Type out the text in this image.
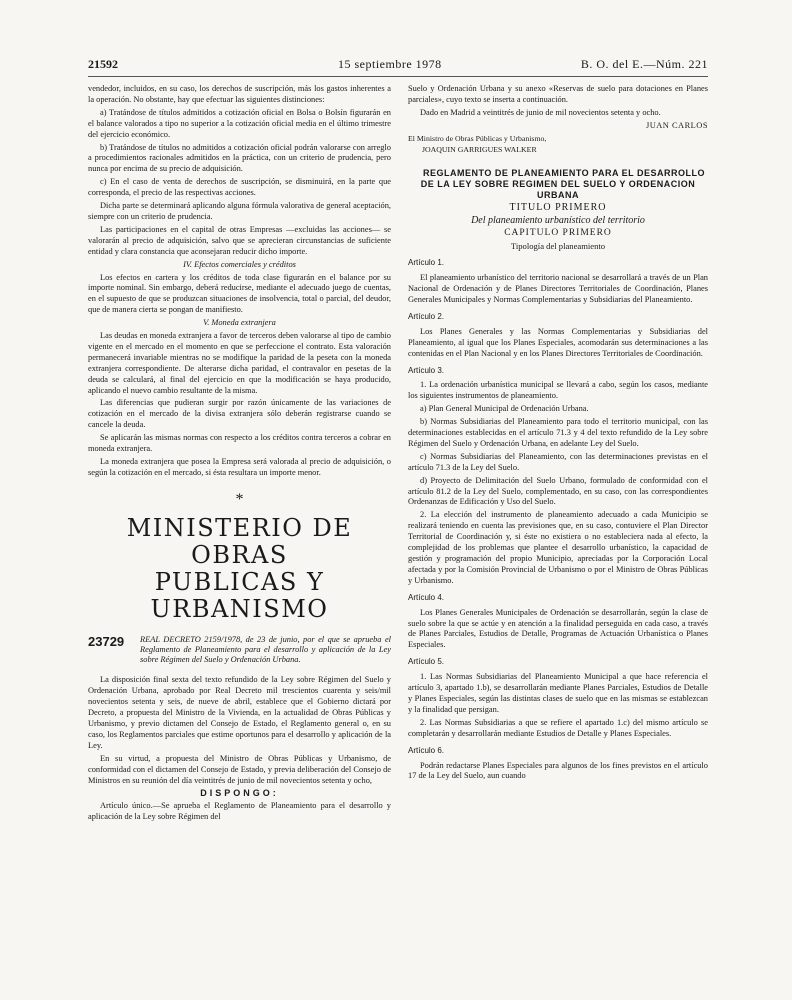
21592	15 septiembre 1978	B. O. del E.—Núm. 221

vendedor, incluidos, en su caso, los derechos de suscripción, más los gastos inherentes a la operación. No obstante, hay que efectuar las siguientes distinciones:

a) Tratándose de títulos admitidos a cotización oficial en Bolsa o Bolsín figurarán en el balance valorados a tipo no superior a la cotización oficial media en el último trimestre del ejercicio económico.

b) Tratándose de títulos no admitidos a cotización oficial podrán valorarse con arreglo a procedimientos racionales admitidos en la práctica, con un criterio de prudencia, pero nunca por encima de su precio de adquisición.

c) En el caso de venta de derechos de suscripción, se disminuirá, en la parte que corresponda, el precio de las respectivas acciones.

Dicha parte se determinará aplicando alguna fórmula valorativa de general aceptación, siempre con un criterio de prudencia.

Las participaciones en el capital de otras Empresas —excluidas las acciones— se valorarán al precio de adquisición, salvo que se aprecieran circunstancias de suficiente entidad y clara constancia que aconsejaran reducir dicho importe.

IV. Efectos comerciales y créditos

Los efectos en cartera y los créditos de toda clase figurarán en el balance por su importe nominal. Sin embargo, deberá reducirse, mediante el adecuado juego de cuentas, en el supuesto de que se produzcan situaciones de insolvencia, total o parcial, del deudor, que de manera cierta se pongan de manifiesto.

V. Moneda extranjera

Las deudas en moneda extranjera a favor de terceros deben valorarse al tipo de cambio vigente en el mercado en el momento en que se perfeccione el contrato. Esta valoración permanecerá invariable mientras no se modifique la paridad de la peseta con la moneda extranjera correspondiente. De alterarse dicha paridad, el contravalor en pesetas de la deuda se calculará, al final del ejercicio en que la modificación se haya producido, aplicando el nuevo cambio resultante de la misma.

Las diferencias que pudieran surgir por razón únicamente de las variaciones de cotización en el mercado de la divisa extranjera sólo deberán registrarse cuando se cancele la deuda.

Se aplicarán las mismas normas con respecto a los créditos contra terceros a cobrar en moneda extranjera.

La moneda extranjera que posea la Empresa será valorada al precio de adquisición, o según la cotización en el mercado, si ésta resultara un importe menor.

*
MINISTERIO DE OBRAS
PUBLICAS Y URBANISMO
23729	REAL DECRETO 2159/1978, de 23 de junio, por el que se aprueba el Reglamento de Planeamiento para el desarrollo y aplicación de la Ley sobre Régimen del Suelo y Ordenación Urbana.

La disposición final sexta del texto refundido de la Ley sobre Régimen del Suelo y Ordenación Urbana, aprobado por Real Decreto mil trescientos cuarenta y seis/mil novecientos setenta y seis, de nueve de abril, establece que el Gobierno dictará por Decreto, a propuesta del Ministro de la Vivienda, en la actualidad de Obras Públicas y Urbanismo, y previo dictamen del Consejo de Estado, el Reglamento general o, en su caso, los Reglamentos parciales que estime oportunos para el desarrollo y aplicación de la Ley.

En su virtud, a propuesta del Ministro de Obras Públicas y Urbanismo, de conformidad con el dictamen del Consejo de Estado, y previa deliberación del Consejo de Ministros en su reunión del día veintitrés de junio de mil novecientos setenta y ocho,

DISPONGO:

Artículo único.—Se aprueba el Reglamento de Planeamiento para el desarrollo y aplicación de la Ley sobre Régimen del

Suelo y Ordenación Urbana y su anexo «Reservas de suelo para dotaciones en Planes parciales», cuyo texto se inserta a continuación.

Dado en Madrid a veintitrés de junio de mil novecientos setenta y ocho.

JUAN CARLOS

El Ministro de Obras Públicas y Urbanismo,

JOAQUIN GARRIGUES WALKER

REGLAMENTO DE PLANEAMIENTO PARA EL DESARROLLO DE LA LEY SOBRE REGIMEN DEL SUELO Y ORDENACION URBANA

TITULO PRIMERO

Del planeamiento urbanístico del territorio

CAPITULO PRIMERO

Tipología del planeamiento

Artículo 1.

El planeamiento urbanístico del territorio nacional se desarrollará a través de un Plan Nacional de Ordenación y de Planes Directores Territoriales de Coordinación, Planes Generales Municipales y Normas Complementarias y Subsidiarias del Planeamiento.

Artículo 2.

Los Planes Generales y las Normas Complementarias y Subsidiarias del Planeamiento, al igual que los Planes Especiales, acomodarán sus determinaciones a las contenidas en el Plan Nacional y en los Planes Directores Territoriales de Coordinación.

Artículo 3.

1. La ordenación urbanística municipal se llevará a cabo, según los casos, mediante los siguientes instrumentos de planeamiento.

a) Plan General Municipal de Ordenación Urbana.

b) Normas Subsidiarias del Planeamiento para todo el territorio municipal, con las determinaciones establecidas en el artículo 71.3 y 4 del texto refundido de la Ley sobre Régimen del Suelo y Ordenación Urbana, en adelante Ley del Suelo.

c) Normas Subsidiarias del Planeamiento, con las determinaciones previstas en el artículo 71.3 de la Ley del Suelo.

d) Proyecto de Delimitación del Suelo Urbano, formulado de conformidad con el artículo 81.2 de la Ley del Suelo, complementado, en su caso, con las correspondientes Ordenanzas de Edificación y Uso del Suelo.

2. La elección del instrumento de planeamiento adecuado a cada Municipio se realizará teniendo en cuenta las previsiones que, en su caso, contuviere el Plan Director Territorial de Coordinación y, si éste no existiera o no estableciera nada al efecto, la complejidad de los problemas que plantee el desarrollo urbanístico, la capacidad de gestión y programación del propio Municipio, apreciadas por la Corporación Local afectada y por la Comisión Provincial de Urbanismo o por el Ministro de Obras Públicas y Urbanismo.

Artículo 4.

Los Planes Generales Municipales de Ordenación se desarrollarán, según la clase de suelo sobre la que se actúe y en atención a la finalidad perseguida en cada caso, a través de Planes Parciales, Estudios de Detalle, Programas de Actuación Urbanística o Planes Especiales.

Artículo 5.

1. Las Normas Subsidiarias del Planeamiento Municipal a que hace referencia el artículo 3, apartado 1.b), se desarrollarán mediante Planes Parciales, Estudios de Detalle y Planes Especiales, según las distintas clases de suelo que en las mismas se establezcan y la finalidad que persigan.

2. Las Normas Subsidiarias a que se refiere el apartado 1.c) del mismo artículo se completarán y desarrollarán mediante Estudios de Detalle y Planes Especiales.

Artículo 6.

Podrán redactarse Planes Especiales para algunos de los fines previstos en el artículo 17 de la Ley del Suelo, aun cuando
